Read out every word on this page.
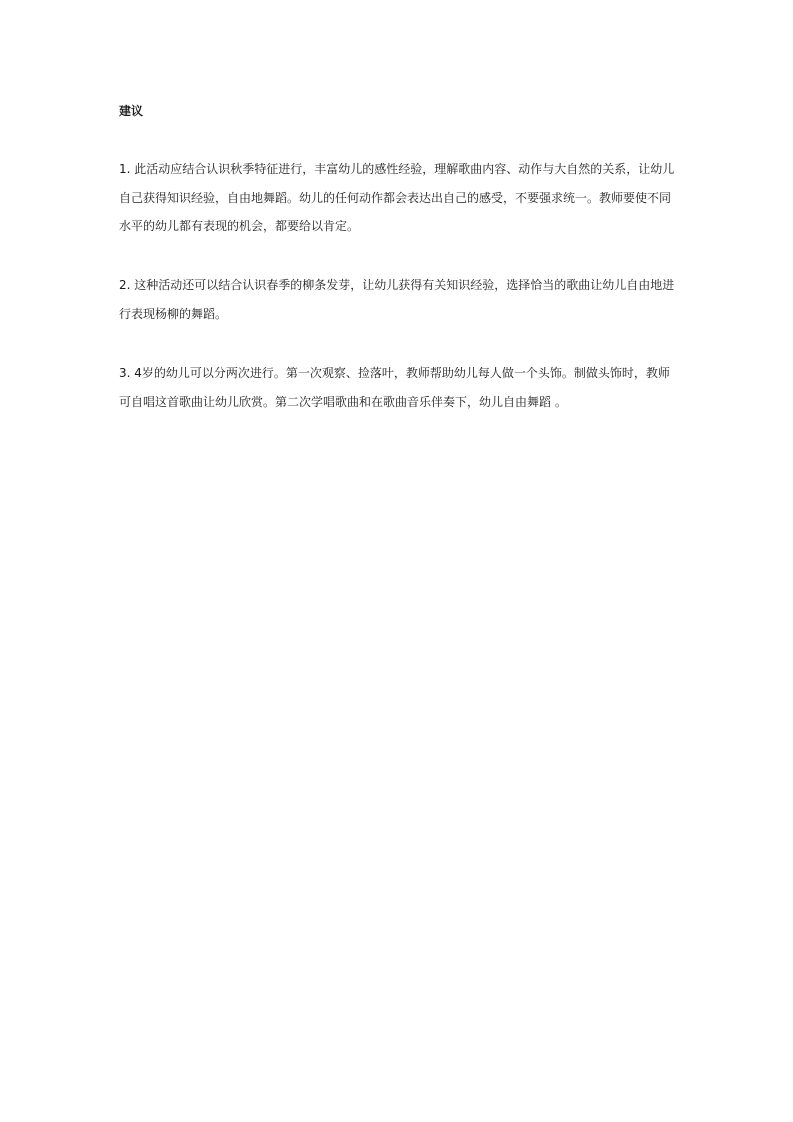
建议

1. 此活动应结合认识秋季特征进行，丰富幼儿的感性经验，理解歌曲内容、动作与大自然的关系，让幼儿自己获得知识经验，自由地舞蹈。幼儿的任何动作都会表达出自己的感受，不要强求统一。教师要使不同水平的幼儿都有表现的机会，都要给以肯定。

2. 这种活动还可以结合认识春季的柳条发芽，让幼儿获得有关知识经验，选择恰当的歌曲让幼儿自由地进行表现杨柳的舞蹈。

3. 4岁的幼儿可以分两次进行。第一次观察、捡落叶，教师帮助幼儿每人做一个头饰。制做头饰时，教师可自唱这首歌曲让幼儿欣赏。第二次学唱歌曲和在歌曲音乐伴奏下，幼儿自由舞蹈 。
